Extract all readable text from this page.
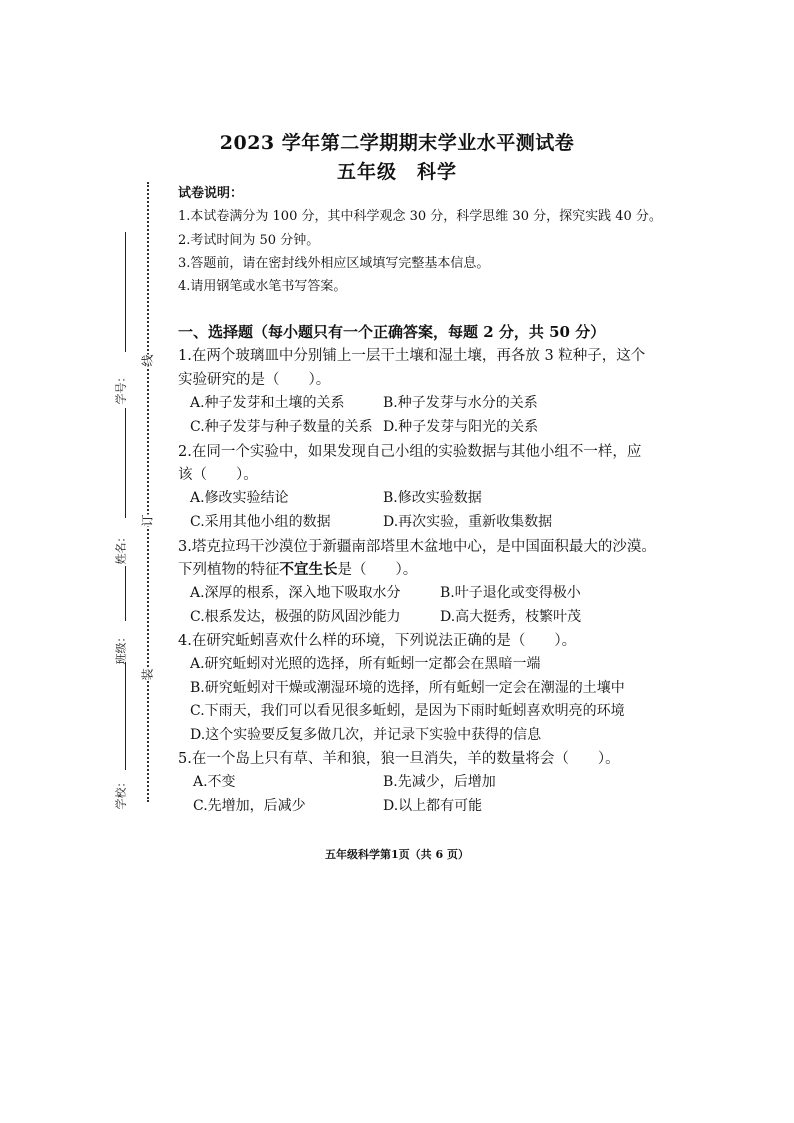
线
订
装
学号：
姓名：
班级：
学校：
2023 学年第二学期期末学业水平测试卷
五年级　科学
试卷说明：
1.本试卷满分为 100 分，其中科学观念 30 分，科学思维 30 分，探究实践 40 分。
2.考试时间为 50 分钟。
3.答题前，请在密封线外相应区域填写完整基本信息。
4.请用钢笔或水笔书写答案。
一、选择题（每小题只有一个正确答案，每题 2 分，共 50 分）
1.在两个玻璃皿中分别铺上一层干土壤和湿土壤，再各放 3 粒种子，这个
实验研究的是（　　）。
A.种子发芽和土壤的关系	B.种子发芽与水分的关系
C.种子发芽与种子数量的关系 D.种子发芽与阳光的关系
2.在同一个实验中，如果发现自己小组的实验数据与其他小组不一样，应
该（　　）。
A.修改实验结论	B.修改实验数据
C.采用其他小组的数据	D.再次实验，重新收集数据
3.塔克拉玛干沙漠位于新疆南部塔里木盆地中心，是中国面积最大的沙漠。
下列植物的特征不宜生长是（　　）。
A.深厚的根系，深入地下吸取水分	B.叶子退化或变得极小
C.根系发达，极强的防风固沙能力	D.高大挺秀，枝繁叶茂
4.在研究蚯蚓喜欢什么样的环境，下列说法正确的是（　　）。
A.研究蚯蚓对光照的选择，所有蚯蚓一定都会在黑暗一端
B.研究蚯蚓对干燥或潮湿环境的选择，所有蚯蚓一定会在潮湿的土壤中
C.下雨天，我们可以看见很多蚯蚓，是因为下雨时蚯蚓喜欢明亮的环境
D.这个实验要反复多做几次，并记录下实验中获得的信息
5.在一个岛上只有草、羊和狼，狼一旦消失，羊的数量将会（　　）。
A.不变	B.先减少，后增加
C.先增加，后减少	D.以上都有可能
五年级科学第1页（共 6 页）
